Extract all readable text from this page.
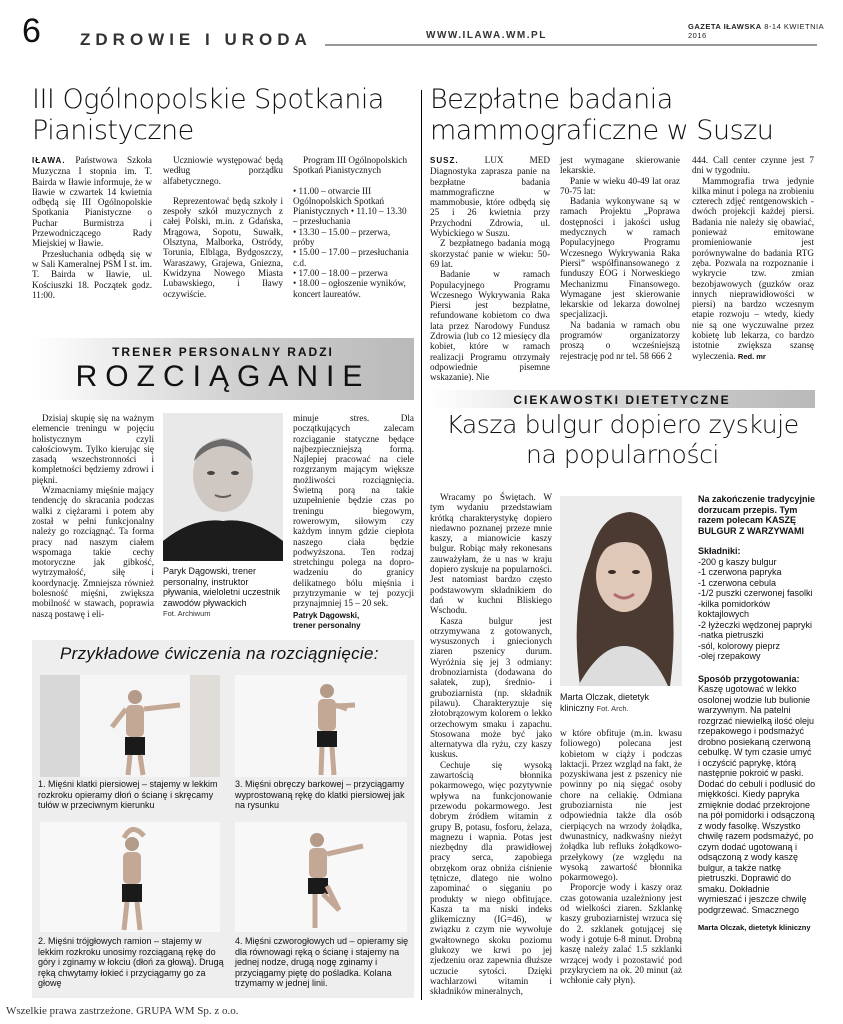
6 ZDROWIE I URODA	WWW.ILAWA.WM.PL
GAZETA IŁAWSKA 8-14 KWIETNIA 2016
III Ogólnopolskie Spotkania Pianistyczne

IŁAWA. Państwowa Szkoła Muzyczna I stopnia im. T. Bairda w Iławie informuje, że w Iławie w czwartek 14 kwietnia odbędą się III Ogólnopolskie Spotkania Pianistyczne o Puchar Burmistrza i Przewodniczącego Rady Miejskiej w Iławie.

Przesłuchania odbędą się w w Sali Kameralnej PSM I st. im. T. Bairda w Iławie, ul. Kościuszki 18. Początek godz. 11:00.

Uczniowie występować będą według porządku alfabetycznego.

Reprezentować będą szkoły i zespoły szkół muzycznych z całej Polski, m.in. z Gdańska, Mrągowa, Sopotu, Suwałk, Olsztyna, Malborka, Ostródy, Torunia, Elbląga, Bydgoszczy, Waraszawy, Grajewa, Gniezna, Kwidzyna Nowego Miasta Lubawskiego, i Iławy oczywiście.

Program III Ogólnopolskich Spotkań Pianistycznych

• 11.00 – otwarcie III Ogólnopolskich Spotkań Pianistycznych • 11.10 – 13.30 – przesłuchania

• 13.30 – 15.00 – przerwa, próby

• 15.00 – 17.00 – przesłuchania c.d.

• 17.00 – 18.00 – przerwa

• 18.00 – ogłoszenie wyników, koncert laureatów.

Bezpłatne badania mammograficzne w Suszu

SUSZ.	LUX MED Diagnostyka zaprasza panie na bezpłatne badania mammograficzne w mammobusie, które odbędą się 25 i 26 kwietnia przy Przychodni Zdrowia, ul. Wybickiego w Suszu.

Z bezpłatnego badania mogą skorzystać panie w wieku: 50-69 lat.

Badanie w ramach Populacyjnego Programu Wczesnego Wykrywania Raka Piersi jest bezpłatne, refundowane kobietom co dwa lata przez Narodowy Fundusz Zdrowia (lub co 12 miesięcy dla kobiet, które w ramach realizacji Programu otrzymały odpowiednie pisemne wskazanie). Nie

jest wymagane skierowanie lekarskie.

Panie w wieku 40-49 lat oraz 70-75 lat:

Badania wykonywane są w ramach Projektu „Poprawa dostępności i jakości usług medycznych w ramach Populacyjnego Programu Wczesnego Wykrywania Raka Piersi” współfinansowanego z funduszy EOG i Norweskiego Mechanizmu Finansowego. Wymagane jest skierowanie lekarskie od lekarza dowolnej specjalizacji.

Na badania w ramach obu programów organizatorzy proszą o wcześniejszą rejestrację pod nr tel. 58 666 2

444. Call center czynne jest 7 dni w tygodniu.

Mammografia trwa jedynie kilka minut i polega na zrobieniu czterech zdjęć rentgenowskich - dwóch projekcji każdej piersi. Badania nie należy się obawiać, ponieważ emitowane promieniowanie jest porównywalne do badania RTG zęba. Pozwala na rozpoznanie i wykrycie tzw. zmian bezobjawowych (guzków oraz innych nieprawidłowości w piersi) na bardzo wczesnym etapie rozwoju – wtedy, kiedy nie są one wyczuwalne przez kobietę lub lekarza, co bardzo istotnie zwiększa szansę wyleczenia. Red. mr

TRENER PERSONALNY RADZI
ROZCIĄGANIE

Dzisiaj skupię się na ważnym elemencie treningu w pojęciu holistycznym czyli całościowym. Tylko kierując się zasadą wszechstronności i kompletności będziemy zdrowi i piękni.

Wzmacniamy mięśnie mający tendencję do skracania podczas walki z ciężarami i potem aby został w pełni funkcjonalny należy go rozciągnąć. Ta forma pracy nad naszym ciałem wspomaga takie cechy motoryczne jak gibkość, wytrzymałość, siłę i koordynację. Zmniejsza również bolesność mięśni, zwiększa mobilność w stawach, poprawia naszą postawę i eli-

Paryk Dągowski, trener personalny, instruktor pływania, wieloletni uczestnik zawodów pływackich
Fot. Archiwum

minuje stres. Dla początkujących zalecam rozciąganie statyczne będące najbezpieczniejszą formą. Najlepiej pracować na ciele rozgrzanym mającym większe możliwości rozciągnięcia. Świetną porą na takie uzupełnienie będzie czas po treningu biegowym, rowerowym, siłowym czy każdym innym gdzie ciepłota naszego ciała będzie podwyższona. Ten rodzaj stretchingu polega na doprowadzeniu do granicy delikatnego bólu mięśnia i przytrzymanie w tej pozycji przynajmniej 15 – 20 sek.

Patryk Dągowski,
trener personalny

Przykładowe ćwiczenia na rozciągnięcie:
1. Mięśni klatki piersiowej – stajemy w lekkim rozkroku opieramy dłoń o ścianę i skręcamy tułów w przeciwnym kierunku
3. Mięśni obręczy barkowej – przyciągamy wyprostowaną rękę do klatki piersiowej jak na rysunku
2. Mięśni trójgłowych ramion – stajemy w lekkim rozkroku unosimy rozciąganą rękę do góry i zginamy w łokciu (dłoń za głową). Drugą ręką chwytamy łokieć i przyciągamy go za głowę
4. Mięśni czworogłowych ud – opieramy się dla równowagi ręką o ścianę i stajemy na jednej nodze, drugą nogę zginamy i przyciągamy piętę do pośladka. Kolana trzymamy w jednej linii.
CIEKAWOSTKI DIETETYCZNE
Kasza bulgur dopiero zyskuje na popularności

Wracamy po Świętach. W tym wydaniu przedstawiam krótką charakterystykę dopiero niedawno poznanej przeze mnie kaszy, a mianowicie kaszy bulgur. Robiąc mały rekonesans zauważyłam, że u nas w kraju dopiero zyskuje na popularności. Jest natomiast bardzo często podstawowym składnikiem do dań w kuchni Bliskiego Wschodu.

Kasza bulgur jest otrzymywana z gotowanych, wysuszonych i gniecionych ziaren pszenicy durum. Wyróżnia się jej 3 odmiany: drobnoziarnista (dodawana do sałatek, zup), średnio- i gruboziarnista (np. składnik pilawu). Charakteryzuje się złotobrązowym kolorem o lekko orzechowym smaku i zapachu. Stosowana może być jako alternatywa dla ryżu, czy kaszy kuskus.

Cechuje się wysoką zawartością błonnika pokarmowego, więc pozytywnie wpływa na funkcjonowanie przewodu pokarmowego. Jest dobrym źródłem witamin z grupy B, potasu, fosforu, żelaza, magnezu i wapnia. Potas jest niezbędny dla prawidłowej pracy serca, zapobiega obrzękom oraz obniża ciśnienie tętnicze, dlatego nie wolno zapominać o sięganiu po produkty w niego obfitujące. Kasza ta ma niski indeks glikemiczny (IG=46), w związku z czym nie wywołuje gwałtownego skoku poziomu glukozy we krwi po jej zjedzeniu oraz zapewnia dłuższe uczucie sytości. Dzięki wachlarzowi witamin i składników mineralnych,

Marta Olczak, dietetyk kliniczny Fot. Arch.

w które obfituje (m.in. kwasu foliowego) polecana jest kobietom w ciąży i podczas laktacji. Przez wzgląd na fakt, że pozyskiwana jest z pszenicy nie powinny po nią sięgać osoby chore na celiakię. Odmiana gruboziarnista nie jest odpowiednia także dla osób cierpiących na wrzody żołądka, dwunastnicy, nadkwaśny nieżyt żołądka lub refluks żołądkowo-przełykowy (ze względu na wysoką zawartość błonnika pokarmowego).

Proporcje wody i kaszy oraz czas gotowania uzależniony jest od wielkości ziaren. Szklankę kaszy gruboziarnistej wrzuca się do 2. szklanek gotującej się wody i gotuje 6-8 minut. Drobną kaszę należy zalać 1.5 szklanki wrzącej wody i pozostawić pod przykryciem na ok. 20 minut (aż wchłonie cały płyn).

Na zakończenie tradycyjnie dorzucam przepis. Tym razem polecam KASZĘ BULGUR Z WARZYWAMI

Składniki:

-200 g kaszy bulgur
-1 czerwona papryka
-1 czerwona cebula
-1/2 puszki czerwonej fasolki
-kilka pomidorków koktajlowych
-2 łyżeczki wędzonej papryki
-natka pietruszki
-sól, kolorowy pieprz
-olej rzepakowy

Sposób przygotowania:

Kaszę ugotować w lekko osolonej wodzie lub bulionie warzywnym. Na patelni rozgrzać niewielką ilość oleju rzepakowego i podsmażyć drobno posiekaną czerwoną cebulkę. W tym czasie umyć i oczyścić paprykę, którą następnie pokroić w paski. Dodać do cebuli i podlusić do miękkości. Kiedy papryka zmięknie dodać przekrojone na pół pomidorki i odsączoną z wody fasolkę. Wszystko chwilę razem podsmażyć, po czym dodać ugotowaną i odsączoną z wody kaszę bulgur, a także natkę pietruszki. Doprawić do smaku. Dokładnie wymieszać i jeszcze chwilę podgrzewać. Smacznego

Marta Olczak, dietetyk kliniczny

Wszelkie prawa zastrzeżone. GRUPA WM Sp. z o.o.
